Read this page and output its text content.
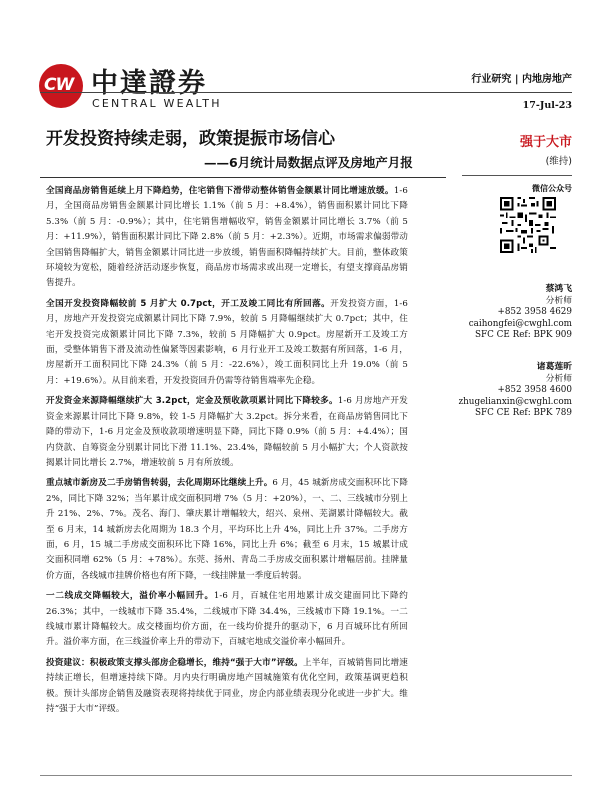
CW 中達證券
CENTRAL WEALTH
行业研究 | 内地房地产
17-Jul-23
开发投资持续走弱，政策提振市场信心
——6月统计局数据点评及房地产月报
强于大市
(维持)
微信公众号
蔡鸿飞
分析师
+852 3958 4629
caihongfei@cwghl.com
SFC CE Ref: BPK 909
诸葛莲昕
分析师
+852 3958 4600
zhugelianxin@cwghl.com
SFC CE Ref: BPK 789

全国商品房销售延续上月下降趋势，住宅销售下滑带动整体销售金额累计同比增速放缓。1-6月，全国商品房销售金额累计同比增长 1.1%（前 5 月：+8.4%），销售面积累计同比下降 5.3%（前 5 月：-0.9%）；其中，住宅销售增幅收窄，销售金额累计同比增长 3.7%（前 5 月：+11.9%），销售面积累计同比下降 2.8%（前 5 月：+2.3%）。近期，市场需求偏弱带动全国销售降幅扩大，销售金额累计同比进一步放缓，销售面积降幅持续扩大。目前，整体政策环境较为宽松，随着经济活动逐步恢复，商品房市场需求或出现一定增长，有望支撑商品房销售提升。

全国开发投资降幅较前 5 月扩大 0.7pct，开工及竣工同比有所回落。开发投资方面，1-6 月，房地产开发投资完成额累计同比下降 7.9%，较前 5 月降幅继续扩大 0.7pct；其中，住宅开发投资完成额累计同比下降 7.3%，较前 5 月降幅扩大 0.9pct。房屋新开工及竣工方面，受整体销售下滑及流动性偏紧等因素影响，6 月行业开工及竣工数据有所回落，1-6 月，房屋新开工面积同比下降 24.3%（前 5 月：-22.6%），竣工面积同比上升 19.0%（前 5 月：+19.6%）。从目前来看，开发投资回升仍需等待销售端率先企稳。

开发资金来源降幅继续扩大 3.2pct，定金及预收款项累计同比下降较多。1-6 月房地产开发资金来源累计同比下降 9.8%，较 1-5 月降幅扩大 3.2pct。拆分来看，在商品房销售同比下降的带动下，1-6 月定金及预收款项增速明显下降，同比下降 0.9%（前 5 月：+4.4%）；国内贷款、自筹资金分别累计同比下滑 11.1%、23.4%，降幅较前 5 月小幅扩大；个人资款按揭累计同比增长 2.7%，增速较前 5 月有所放缓。

重点城市新房及二手房销售转弱，去化周期环比继续上升。6 月，45 城新房成交面积环比下降 2%，同比下降 32%；当年累计成交面积同增 7%（5 月：+20%），一、二、三线城市分别上升 21%、2%、7%。茂名、海门、肇庆累计增幅较大，绍兴、泉州、芜湖累计降幅较大。截至 6 月末，14 城新房去化周期为 18.3 个月，平均环比上升 4%，同比上升 37%。二手房方面，6 月，15 城二手房成交面积环比下降 16%，同比上升 6%；截至 6 月末，15 城累计成交面积同增 62%（5 月：+78%）。东莞、扬州、青岛二手房成交面积累计增幅居前。挂牌量价方面，各线城市挂牌价格也有所下降，一线挂牌量一季度后转弱。

一二线成交降幅较大，溢价率小幅回升。1-6 月，百城住宅用地累计成交建面同比下降约 26.3%；其中，一线城市下降 35.4%，二线城市下降 34.4%，三线城市下降 19.1%。一二线城市累计降幅较大。成交楼面均价方面，在一线均价提升的驱动下，6 月百城环比有所回升。溢价率方面，在三线溢价率上升的带动下，百城宅地成交溢价率小幅回升。

投资建议：积极政策支撑头部房企稳增长，维持“强于大市”评级。上半年，百城销售同比增速持续正增长，但增速持续下降。月内央行明确房地产国城施策有优化空间，政策基调更趋积极。预计头部房企销售及融资表现将持续优于同业，房企内部业绩表现分化或进一步扩大。维持“强于大市”评级。
